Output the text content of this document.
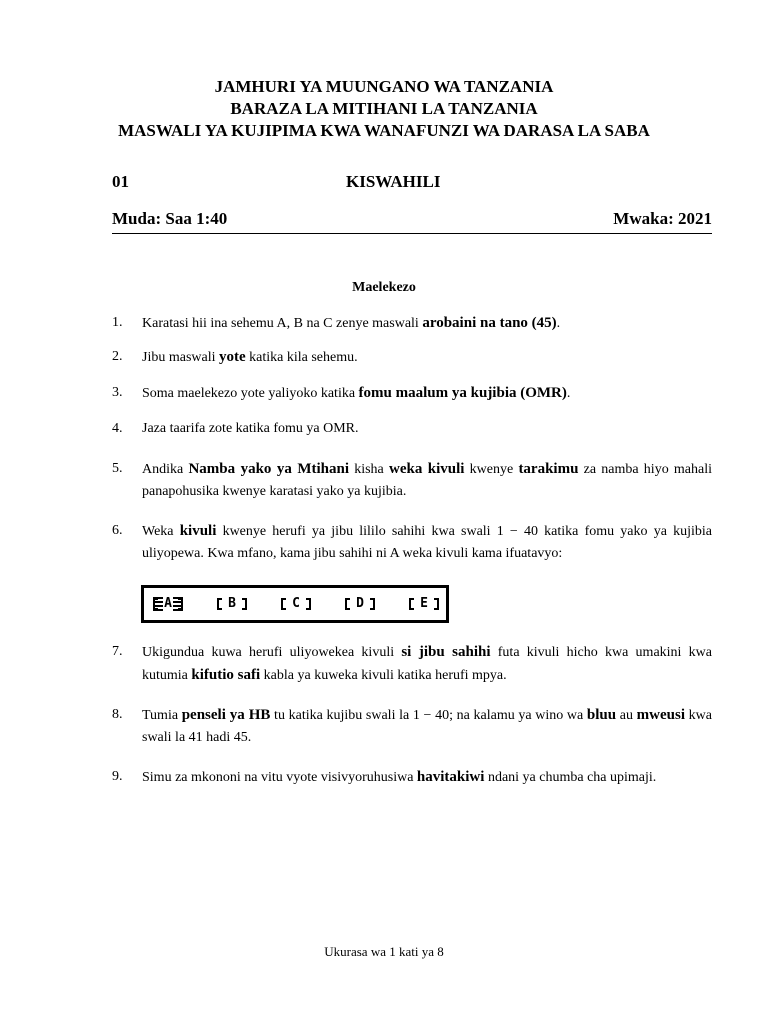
JAMHURI YA MUUNGANO WA TANZANIA
BARAZA LA MITIHANI LA TANZANIA
MASWALI YA KUJIPIMA KWA WANAFUNZI WA DARASA LA SABA
01	KISWAHILI
Muda: Saa 1:40	Mwaka: 2021
Maelekezo
1. Karatasi hii ina sehemu A, B na C zenye maswali arobaini na tano (45).
2. Jibu maswali yote katika kila sehemu.
3. Soma maelekezo yote yaliyoko katika fomu maalum ya kujibia (OMR).
4. Jaza taarifa zote katika fomu ya OMR.
5. Andika Namba yako ya Mtihani kisha weka kivuli kwenye tarakimu za namba hiyo mahali panapohusika kwenye karatasi yako ya kujibia.
6. Weka kivuli kwenye herufi ya jibu lililo sahihi kwa swali 1 − 40 katika fomu yako ya kujibia uliyopewa. Kwa mfano, kama jibu sahihi ni A weka kivuli kama ifuatavyo:
7. Ukigundua kuwa herufi uliyowekea kivuli si jibu sahihi futa kivuli hicho kwa umakini kwa kutumia kifutio safi kabla ya kuweka kivuli katika herufi mpya.
8. Tumia penseli ya HB tu katika kujibu swali la 1 − 40; na kalamu ya wino wa bluu au mweusi kwa swali la 41 hadi 45.
9. Simu za mkononi na vitu vyote visivyoruhusiwa havitakiwi ndani ya chumba cha upimaji.
A	B	C	D	E
Ukurasa wa 1 kati ya 8
